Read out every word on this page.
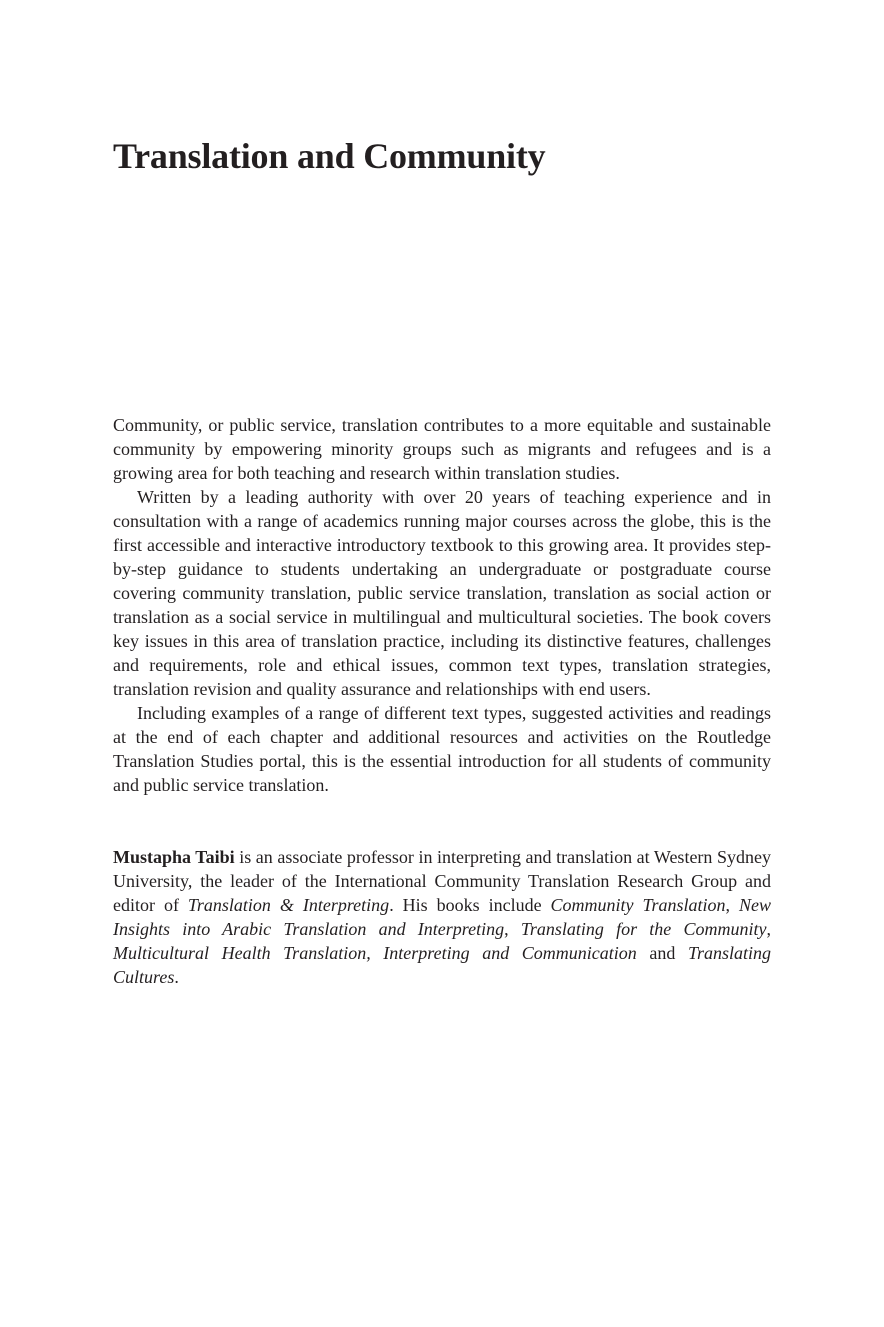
Translation and Community

Community, or public service, translation contributes to a more equitable and sustainable community by empowering minority groups such as migrants and refugees and is a growing area for both teaching and research within translation studies.

Written by a leading authority with over 20 years of teaching experience and in consultation with a range of academics running major courses across the globe, this is the first accessible and interactive introductory textbook to this growing area. It provides step-by-step guidance to students undertaking an undergraduate or postgraduate course covering community translation, public service translation, translation as social action or translation as a social service in multilingual and multicultural societies. The book covers key issues in this area of translation practice, including its distinctive features, challenges and requirements, role and ethical issues, common text types, translation strategies, translation revision and quality assurance and relationships with end users.

Including examples of a range of different text types, suggested activities and readings at the end of each chapter and additional resources and activities on the Routledge Translation Studies portal, this is the essential introduction for all students of community and public service translation.

Mustapha Taibi is an associate professor in interpreting and translation at Western Sydney University, the leader of the International Community Translation Research Group and editor of Translation & Interpreting. His books include Community Translation, New Insights into Arabic Translation and Interpreting, Translating for the Community, Multicultural Health Translation, Interpreting and Communication and Translating Cultures.
